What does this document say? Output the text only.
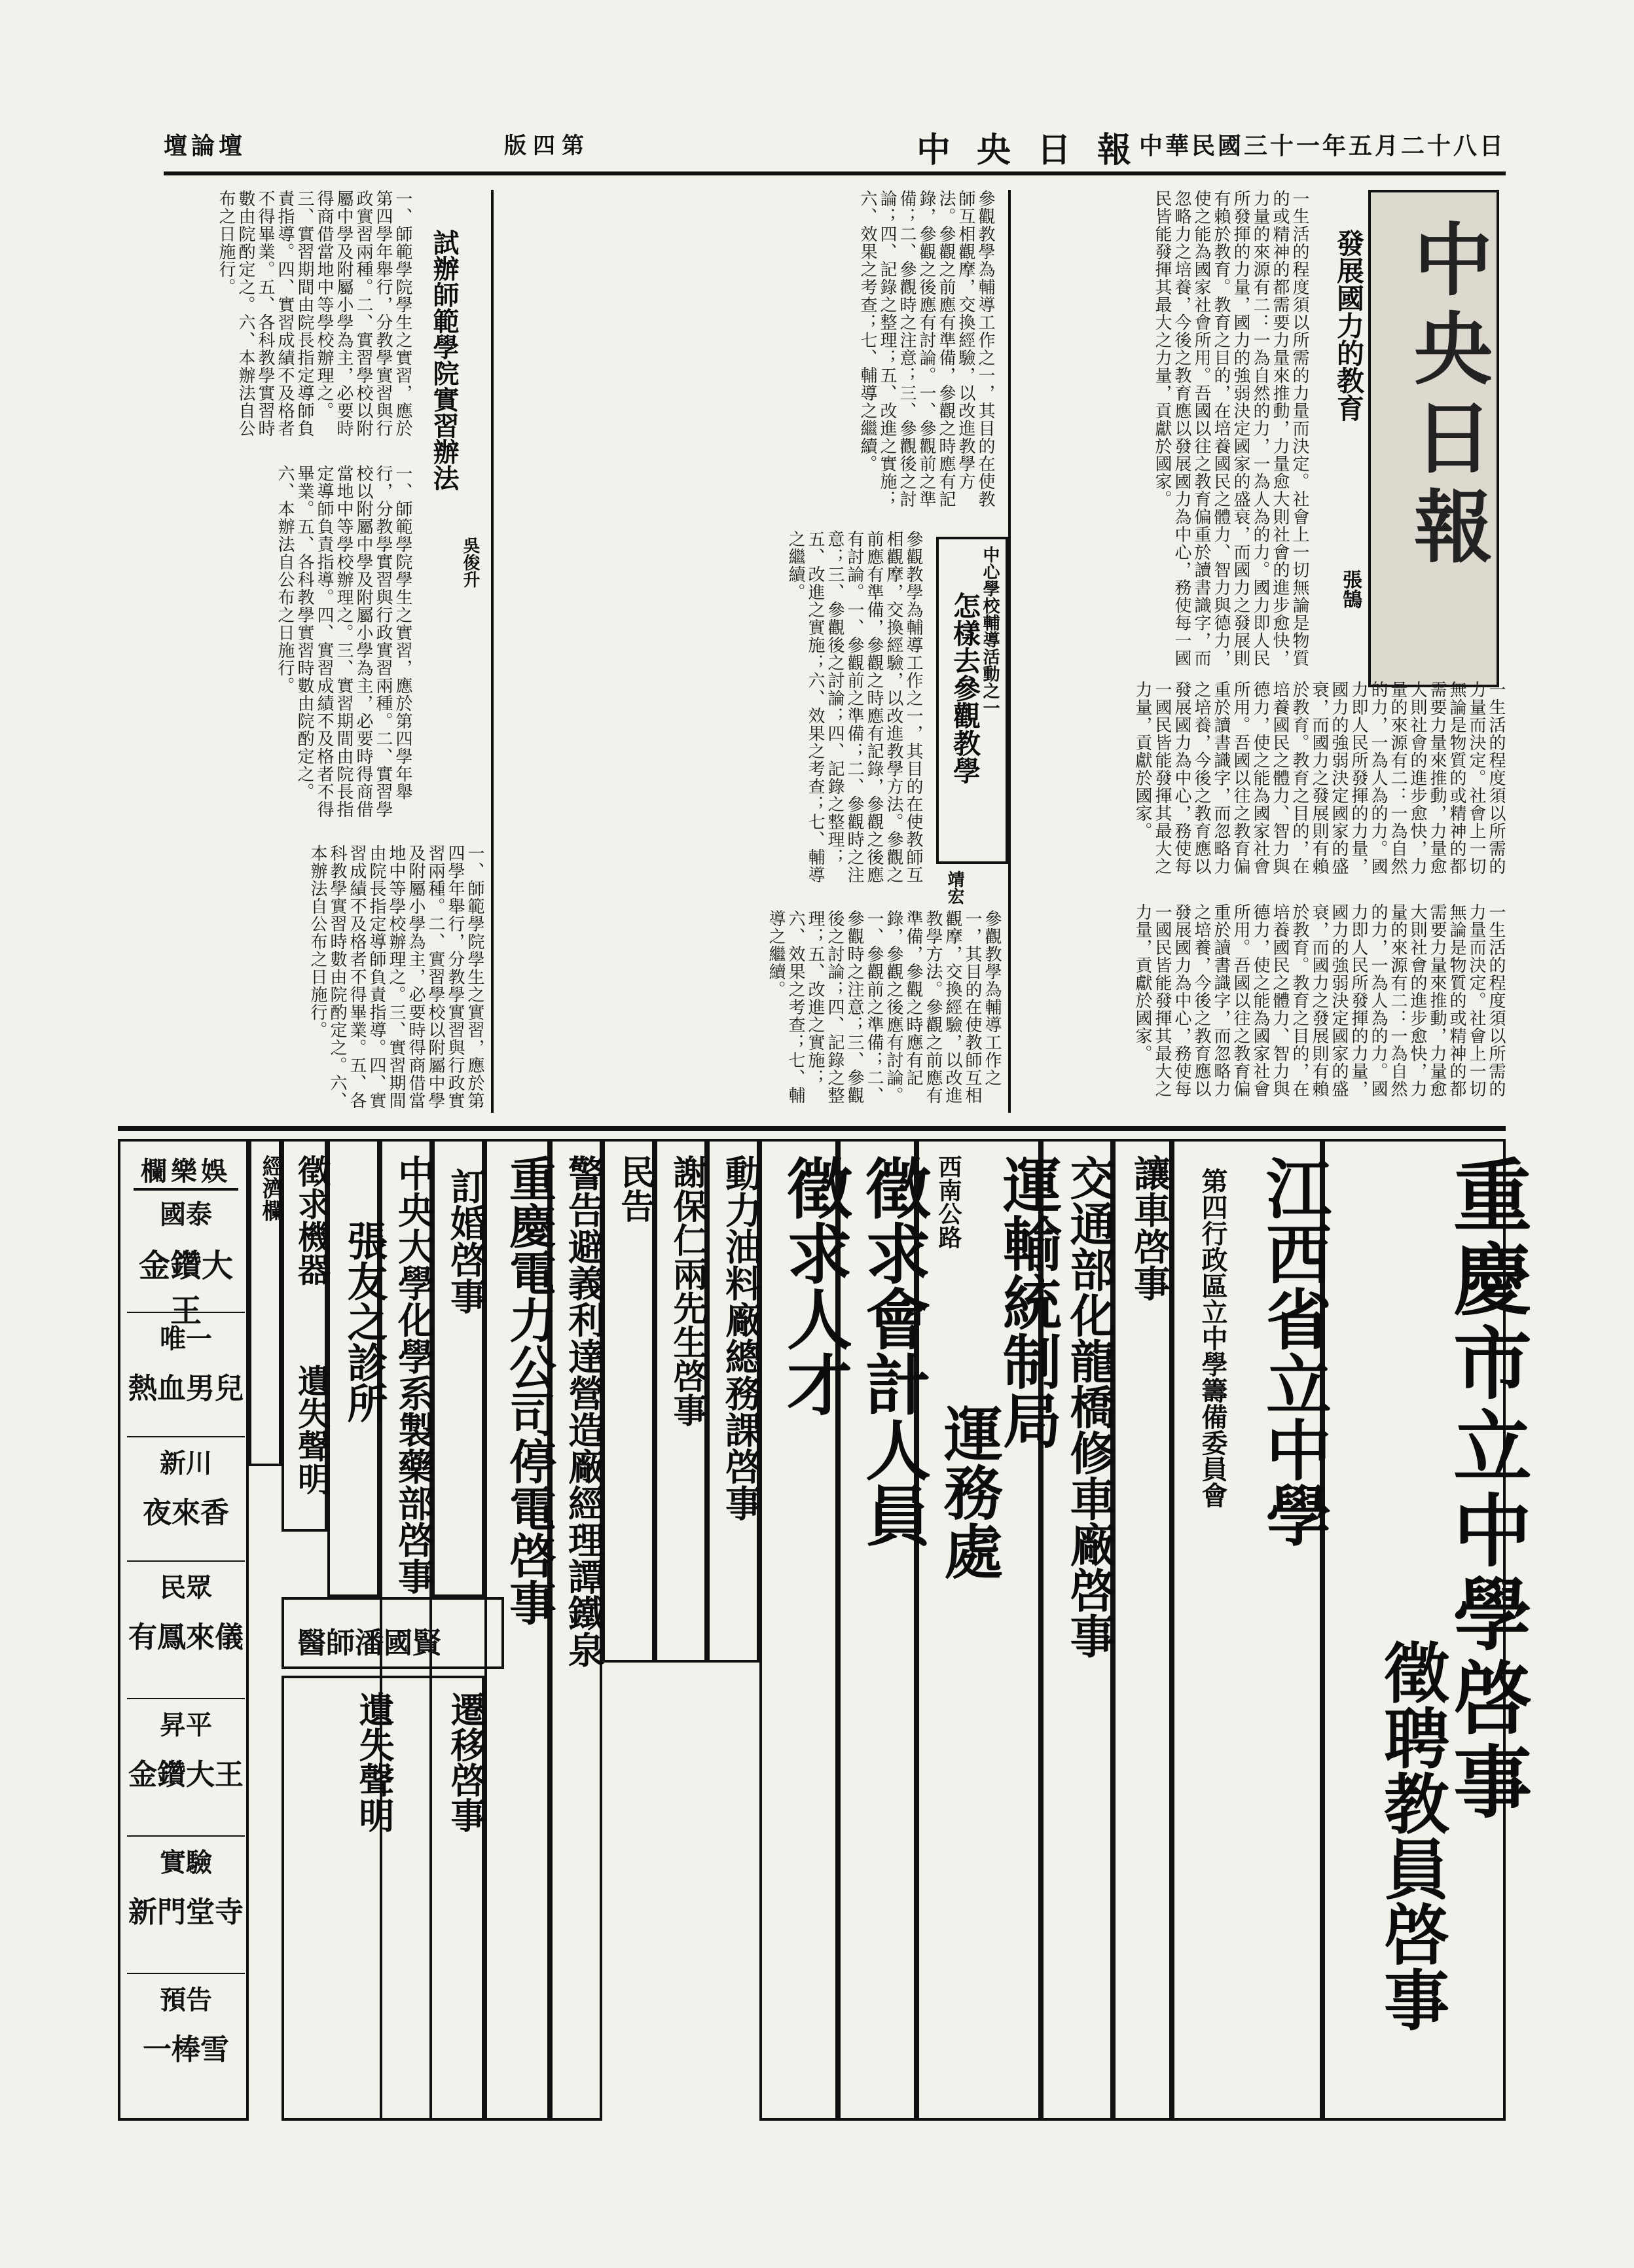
壇論壇	版四第	中央日報
中華民國三十一年五月二十八日
中央日報
發展國力的教育
張鵠
一生活的程度須以所需的力量而決定。社會上一切無論是物質的或精神的都需要力量來推動，力量愈大則社會的進步愈快，力量的來源有二：一為自然的力，一為人為的力。國力即人民所發揮的力量，國力的強弱決定國家的盛衰，而國力之發展則有賴於教育。教育之目的，在培養國民之體力、智力與德力，使之能為國家社會所用。吾國以往之教育偏重於讀書識字，而忽略力之培養，今後之教育應以發展國力為中心，務使每一國民皆能發揮其最大之力量，貢獻於國家。
一生活的程度須以所需的力量而決定。社會上一切無論是物質的或精神的都需要力量來推動，力量愈大則社會的進步愈快，力量的來源有二：一為自然的力，一為人為的力。國力即人民所發揮的力量，國力的強弱決定國家的盛衰，而國力之發展則有賴於教育。教育之目的，在培養國民之體力、智力與德力，使之能為國家社會所用。吾國以往之教育偏重於讀書識字，而忽略力之培養，今後之教育應以發展國力為中心，務使每一國民皆能發揮其最大之力量，貢獻於國家。
一生活的程度須以所需的力量而決定。社會上一切無論是物質的或精神的都需要力量來推動，力量愈大則社會的進步愈快，力量的來源有二：一為自然的力，一為人為的力。國力即人民所發揮的力量，國力的強弱決定國家的盛衰，而國力之發展則有賴於教育。教育之目的，在培養國民之體力、智力與德力，使之能為國家社會所用。吾國以往之教育偏重於讀書識字，而忽略力之培養，今後之教育應以發展國力為中心，務使每一國民皆能發揮其最大之力量，貢獻於國家。
參觀教學為輔導工作之一，其目的在使教師互相觀摩，交換經驗，以改進教學方法。參觀之前應有準備，參觀之時應有記錄，參觀之後應有討論。一、參觀前之準備；二、參觀時之注意；三、參觀後之討論；四、記錄之整理；五、改進之實施；六、效果之考查；七、輔導之繼續。
中心學校輔導活動之一
怎樣去參觀教學
靖宏
參觀教學為輔導工作之一，其目的在使教師互相觀摩，交換經驗，以改進教學方法。參觀之前應有準備，參觀之時應有記錄，參觀之後應有討論。一、參觀前之準備；二、參觀時之注意；三、參觀後之討論；四、記錄之整理；五、改進之實施；六、效果之考查；七、輔導之繼續。
參觀教學為輔導工作之一，其目的在使教師互相觀摩，交換經驗，以改進教學方法。參觀之前應有準備，參觀之時應有記錄，參觀之後應有討論。一、參觀前之準備；二、參觀時之注意；三、參觀後之討論；四、記錄之整理；五、改進之實施；六、效果之考查；七、輔導之繼續。
一、師範學院學生之實習，應於第四學年舉行，分教學實習與行政實習兩種。二、實習學校以附屬中學及附屬小學為主，必要時得商借當地中等學校辦理之。三、實習期間由院長指定導師負責指導。四、實習成績不及格者不得畢業。五、各科教學實習時數由院酌定之。六、本辦法自公布之日施行。	試辦師範學院實習辦法
吳俊升
一、師範學院學生之實習，應於第四學年舉行，分教學實習與行政實習兩種。二、實習學校以附屬中學及附屬小學為主，必要時得商借當地中等學校辦理之。三、實習期間由院長指定導師負責指導。四、實習成績不及格者不得畢業。五、各科教學實習時數由院酌定之。六、本辦法自公布之日施行。
一、師範學院學生之實習，應於第四學年舉行，分教學實習與行政實習兩種。二、實習學校以附屬中學及附屬小學為主，必要時得商借當地中等學校辦理之。三、實習期間由院長指定導師負責指導。四、實習成績不及格者不得畢業。五、各科教學實習時數由院酌定之。六、本辦法自公布之日施行。
重慶市立中學啓事
徵聘教員啓事
江西省立中學
第四行政區立中學籌備委員會
讓車啓事
交通部化龍橋修車廠啓事
運輸統制局
西南公路
運務處
徵求會計人員
徵求人才
動力油料廠總務課啓事
謝保仁兩先生啓事
民告
警告避義利達營造廠經理譚鐵泉
重慶電力公司停電啓事
訂婚啓事
中央大學化學系製藥部啓事
張友之診所
徵求機器
遺失聲明
經濟欄
醫師潘國賢
遷移啓事
遺失聲明
欄樂娛
國泰
金鑽大王
唯一
熱血男兒
新川
夜來香
民眾
有鳳來儀
昇平
金鑽大王
實驗
新門堂寺
預告
一棒雪
